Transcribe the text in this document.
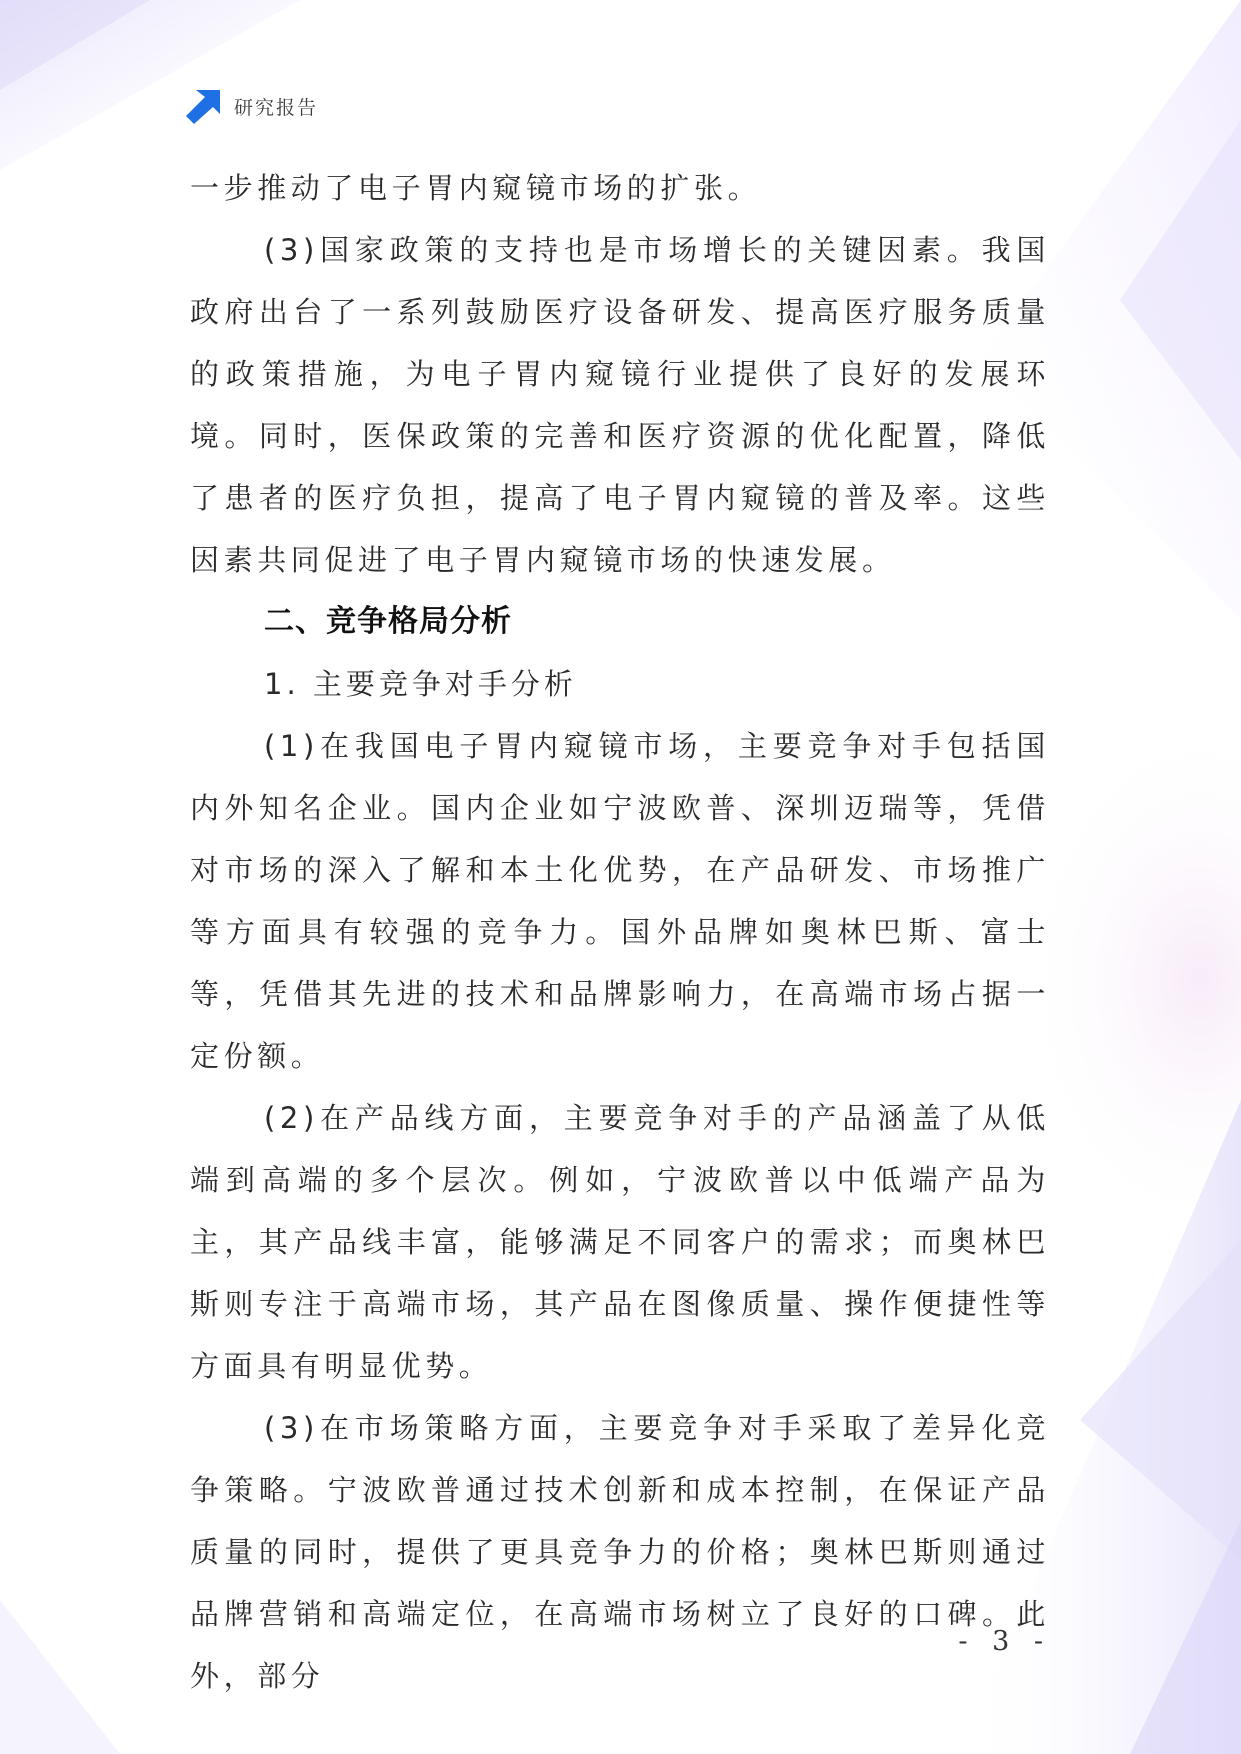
研究报告

一步推动了电子胃内窥镜市场的扩张。

(3)国家政策的支持也是市场增长的关键因素。我国政府出台了一系列鼓励医疗设备研发、提高医疗服务质量的政策措施，为电子胃内窥镜行业提供了良好的发展环境。同时，医保政策的完善和医疗资源的优化配置，降低了患者的医疗负担，提高了电子胃内窥镜的普及率。这些因素共同促进了电子胃内窥镜市场的快速发展。

二、竞争格局分析
1. 主要竞争对手分析

(1)在我国电子胃内窥镜市场，主要竞争对手包括国内外知名企业。国内企业如宁波欧普、深圳迈瑞等，凭借对市场的深入了解和本土化优势，在产品研发、市场推广等方面具有较强的竞争力。国外品牌如奥林巴斯、富士等，凭借其先进的技术和品牌影响力，在高端市场占据一定份额。

(2)在产品线方面，主要竞争对手的产品涵盖了从低端到高端的多个层次。例如，宁波欧普以中低端产品为主，其产品线丰富，能够满足不同客户的需求；而奥林巴斯则专注于高端市场，其产品在图像质量、操作便捷性等方面具有明显优势。

(3)在市场策略方面，主要竞争对手采取了差异化竞争策略。宁波欧普通过技术创新和成本控制，在保证产品质量的同时，提供了更具竞争力的价格；奥林巴斯则通过品牌营销和高端定位，在高端市场树立了良好的口碑。此外，部分

- 3 -
